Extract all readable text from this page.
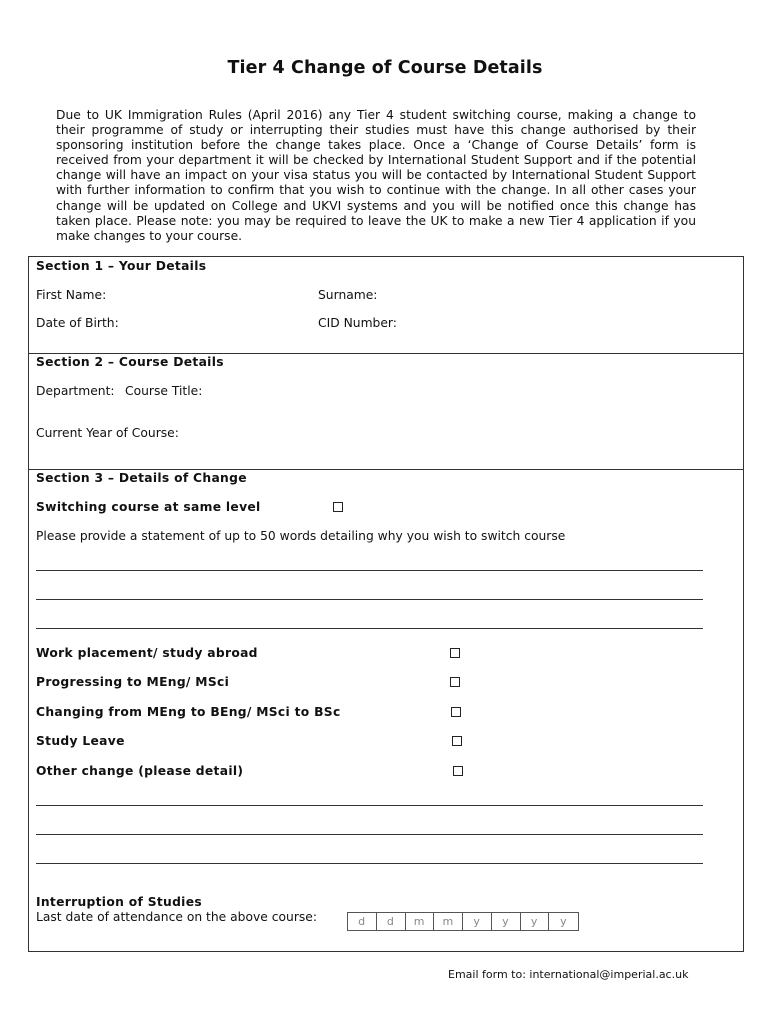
Tier 4 Change of Course Details

Due to UK Immigration Rules (April 2016) any Tier 4 student switching course, making a change to their programme of study or interrupting their studies must have this change authorised by their sponsoring institution before the change takes place. Once a ‘Change of Course Details’ form is received from your department it will be checked by International Student Support and if the potential change will have an impact on your visa status you will be contacted by International Student Support with further information to confirm that you wish to continue with the change. In all other cases your change will be updated on College and UKVI systems and you will be notified once this change has taken place. Please note: you may be required to leave the UK to make a new Tier 4 application if you make changes to your course.

Section 1 – Your Details
First Name:	Surname:
Date of Birth:	CID Number:
Section 2 – Course Details
Department: Course Title:
Current Year of Course:
Section 3 – Details of Change
Switching course at same level
Please provide a statement of up to 50 words detailing why you wish to switch course
Work placement/ study abroad
Progressing to MEng/ MSci
Changing from MEng to BEng/ MSci to BSc
Study Leave
Other change (please detail)
Interruption of Studies
Last date of attendance on the above course:	d	d	m	m	y	y	y	y
Email form to: international@imperial.ac.uk
